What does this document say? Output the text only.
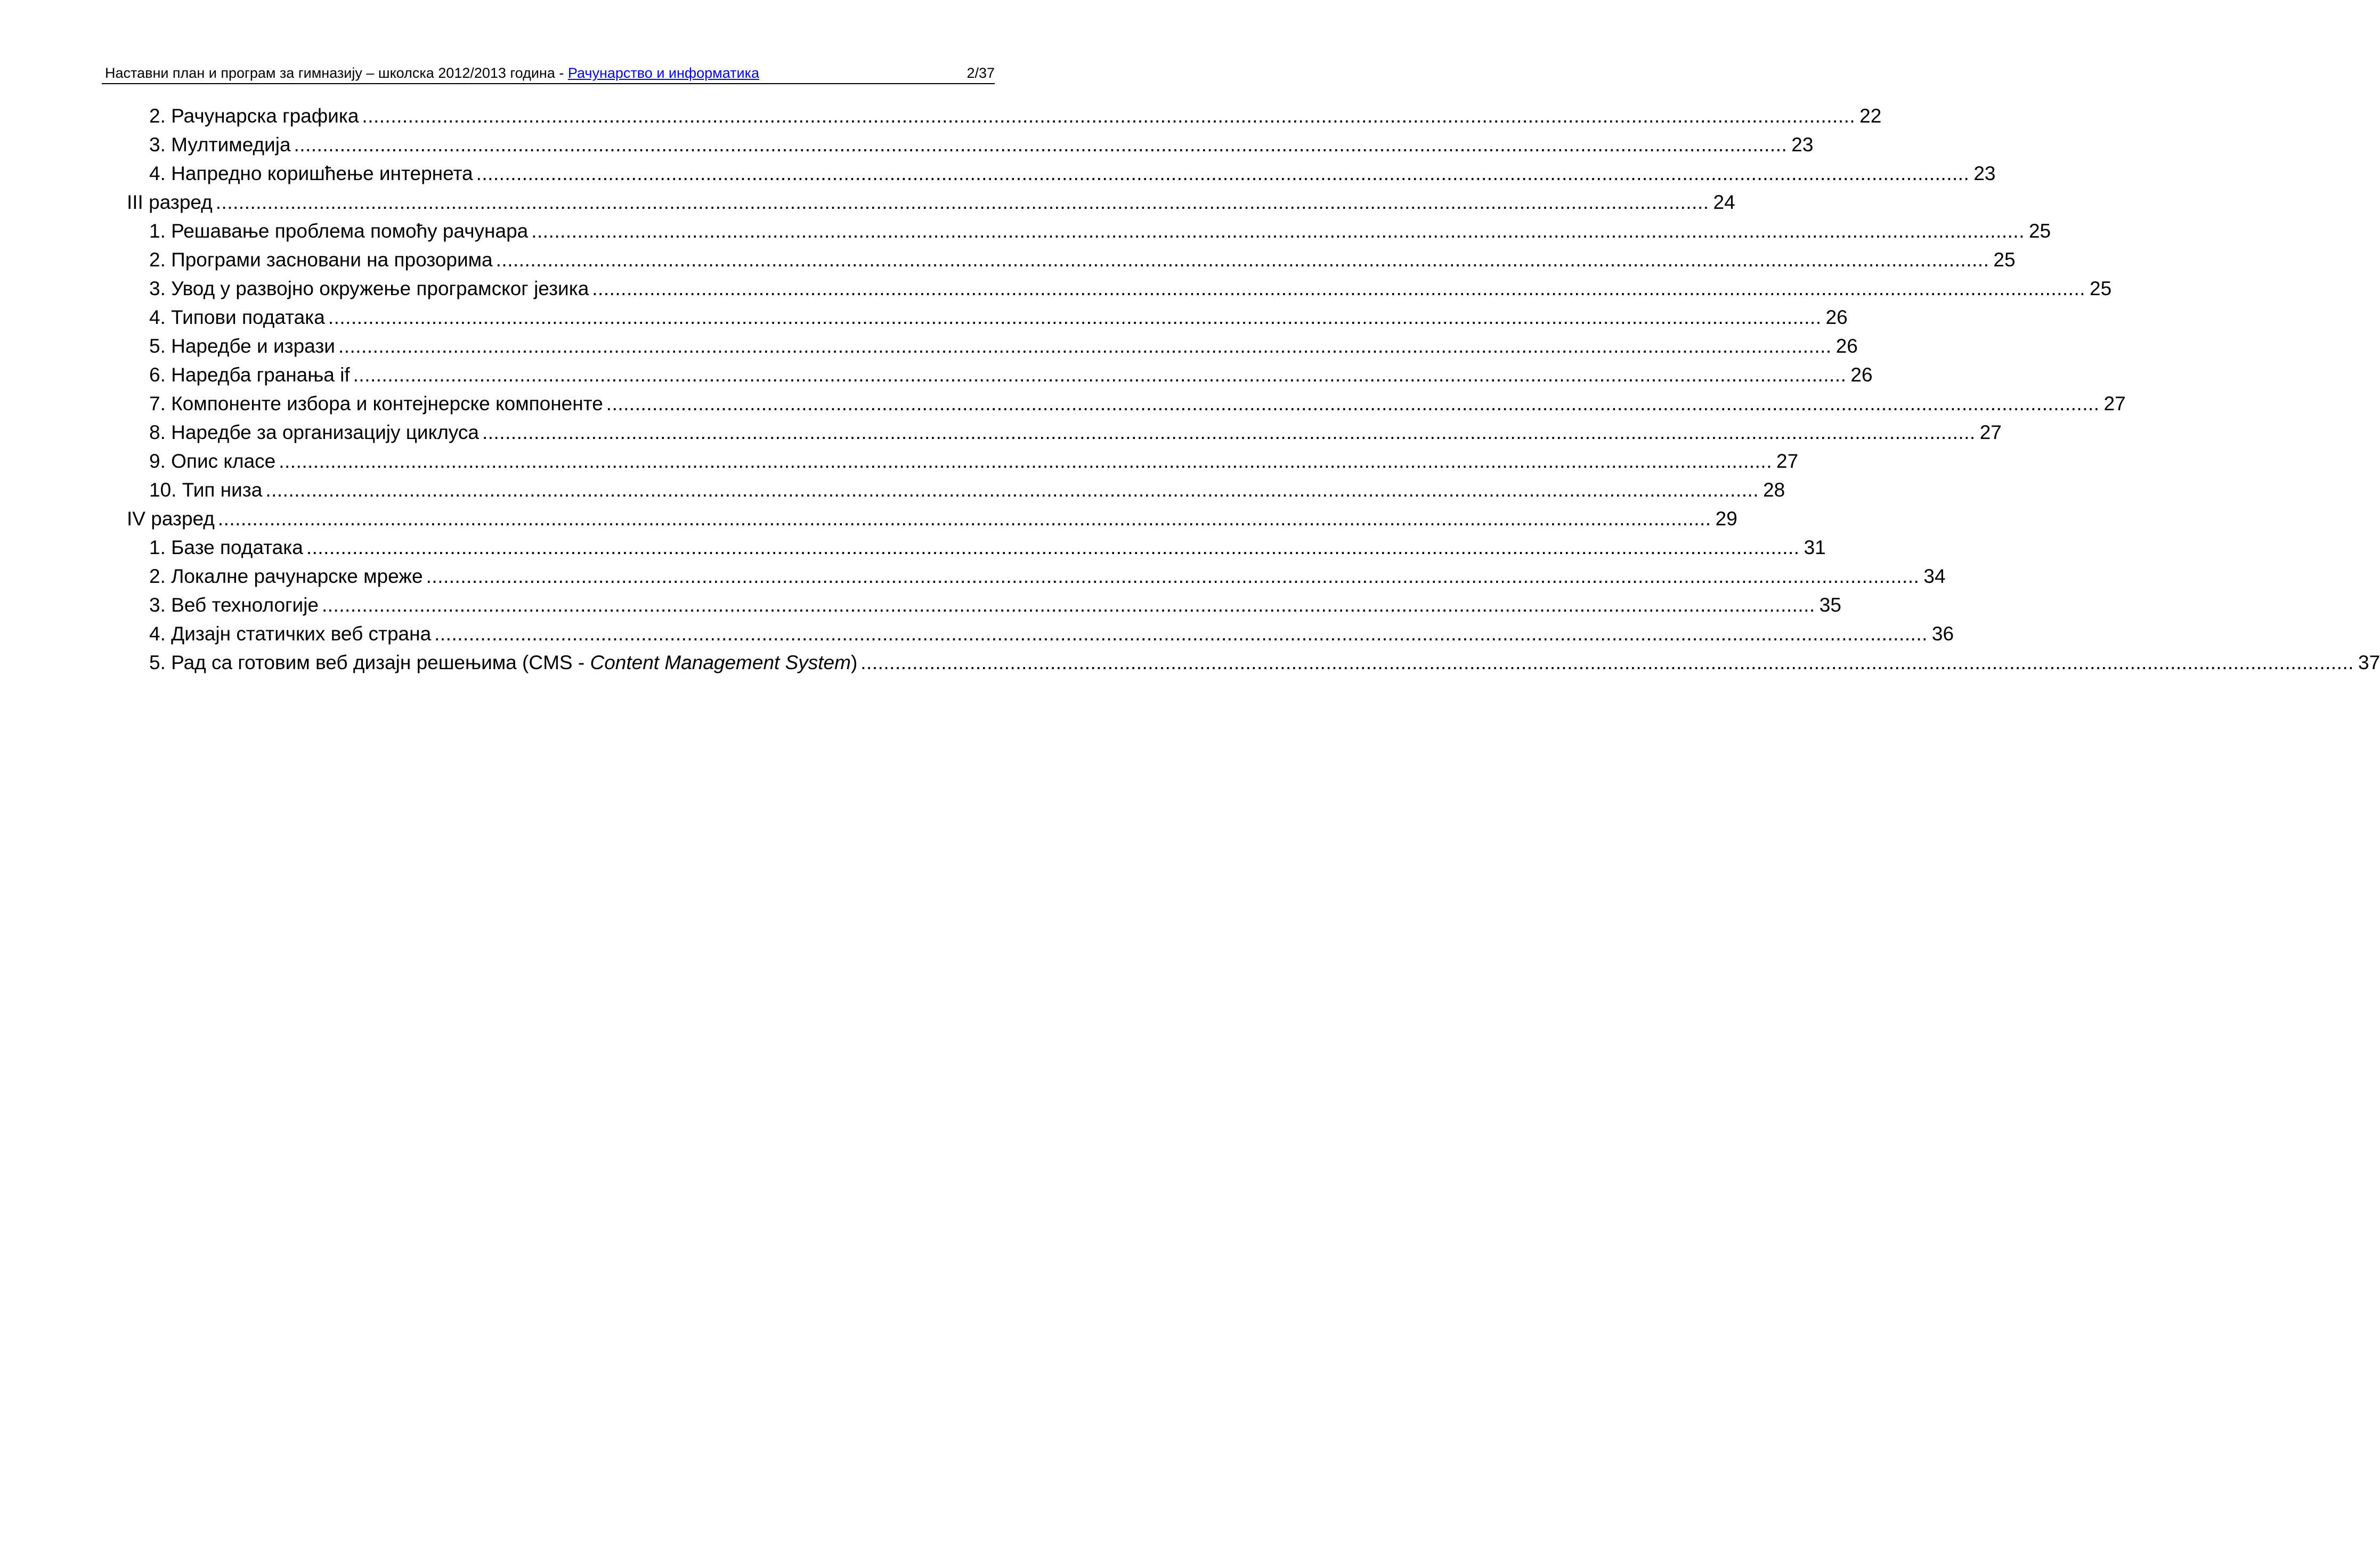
Наставни план и програм за гимназију – школска 2012/2013 година - Рачунарство и информатика	2/37
2. Рачунарска графика .................................................................................................................................................................................................................................................................... 22
3. Мултимедија .................................................................................................................................................................................................................................................................... 23
4. Напредно коришћење интернета .................................................................................................................................................................................................................................................................... 23
III разред .................................................................................................................................................................................................................................................................... 24
1. Решавање проблема помоћу рачунара .................................................................................................................................................................................................................................................................... 25
2. Програми засновани на прозорима .................................................................................................................................................................................................................................................................... 25
3. Увод у развојно окружење програмског језика .................................................................................................................................................................................................................................................................... 25
4. Типови података .................................................................................................................................................................................................................................................................... 26
5. Наредбе и изрази .................................................................................................................................................................................................................................................................... 26
6. Наредба гранања if .................................................................................................................................................................................................................................................................... 26
7. Компоненте избора и контејнерске компоненте .................................................................................................................................................................................................................................................................... 27
8. Наредбе за организацију циклуса .................................................................................................................................................................................................................................................................... 27
9. Опис класе .................................................................................................................................................................................................................................................................... 27
10. Тип низа .................................................................................................................................................................................................................................................................... 28
IV разред .................................................................................................................................................................................................................................................................... 29
1. Базе података .................................................................................................................................................................................................................................................................... 31
2. Локалне рачунарске мреже .................................................................................................................................................................................................................................................................... 34
3. Веб технологије .................................................................................................................................................................................................................................................................... 35
4. Дизајн статичких веб страна .................................................................................................................................................................................................................................................................... 36
5. Рад са готовим веб дизајн решењима (CMS - Content Management System) .................................................................................................................................................................................................................................................................... 37
